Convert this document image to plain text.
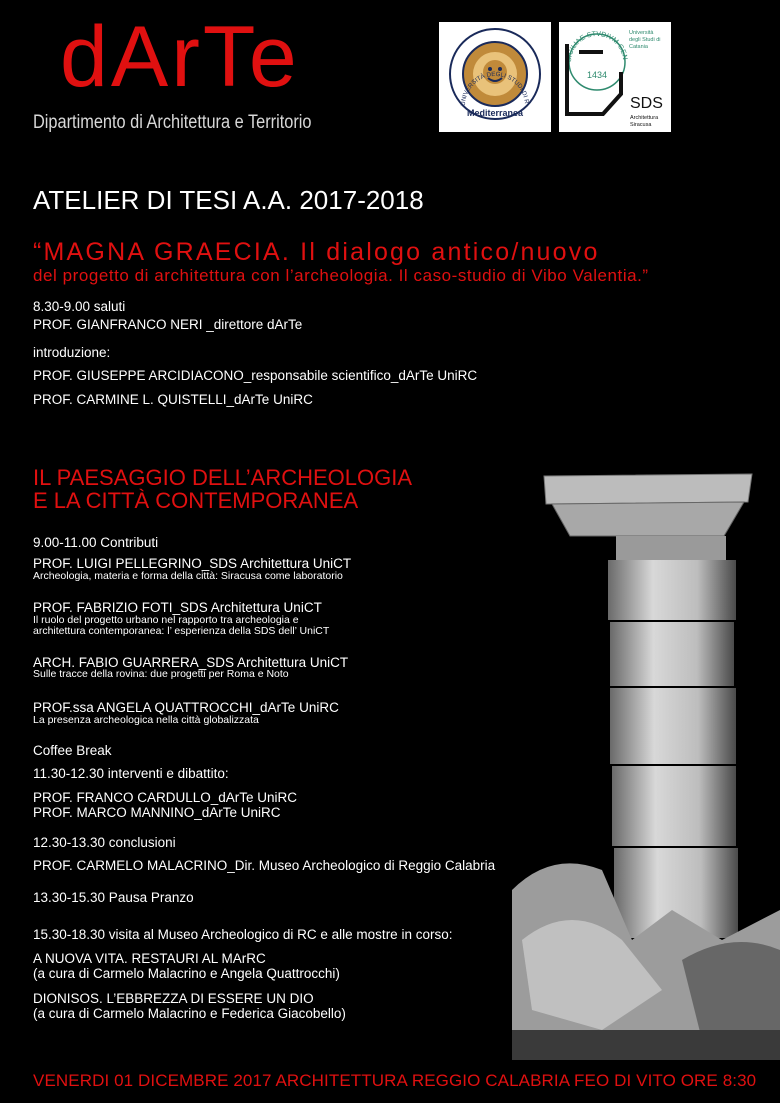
dArTe
Dipartimento di Architettura e Territorio
UNIVERSITÀ DEGLI STUDI DI R
Mediterranea
SICILIAE STVDIVM GEN
1434
Università
degli Studi di
Catania
SDS
Architettura
Siracusa
ATELIER DI TESI A.A. 2017-2018
“MAGNA GRAECIA. Il dialogo antico/nuovo
del progetto di architettura con l’archeologia. Il caso-studio di Vibo Valentia.”
8.30-9.00 saluti
PROF. GIANFRANCO NERI _direttore dArTe
introduzione:
PROF. GIUSEPPE ARCIDIACONO_responsabile scientifico_dArTe UniRC
PROF. CARMINE L. QUISTELLI_dArTe UniRC
IL PAESAGGIO DELL’ARCHEOLOGIA
E LA CITTÀ CONTEMPORANEA
9.00-11.00 Contributi
PROF. LUIGI PELLEGRINO_SDS Architettura UniCT
Archeologia, materia e forma della città: Siracusa come laboratorio
PROF. FABRIZIO FOTI_SDS Architettura UniCT
Il ruolo del progetto urbano nel rapporto tra archeologia e
architettura contemporanea: l’ esperienza della SDS dell’ UniCT
ARCH. FABIO GUARRERA_SDS Architettura UniCT
Sulle tracce della rovina: due progetti per Roma e Noto
PROF.ssa ANGELA QUATTROCCHI_dArTe UniRC
La presenza archeologica nella città globalizzata
Coffee Break
11.30-12.30 interventi e dibattito:
PROF. FRANCO CARDULLO_dArTe UniRC
PROF. MARCO MANNINO_dArTe UniRC
12.30-13.30 conclusioni
PROF. CARMELO MALACRINO_Dir. Museo Archeologico di Reggio Calabria
13.30-15.30 Pausa Pranzo
15.30-18.30 visita al Museo Archeologico di RC e alle mostre in corso:
A NUOVA VITA. RESTAURI AL MArRC
(a cura di Carmelo Malacrino e Angela Quattrocchi)
DIONISOS. L’EBBREZZA DI ESSERE UN DIO
(a cura di Carmelo Malacrino e Federica Giacobello)
VENERDI 01 DICEMBRE 2017 ARCHITETTURA REGGIO CALABRIA FEO DI VITO ORE 8:30
